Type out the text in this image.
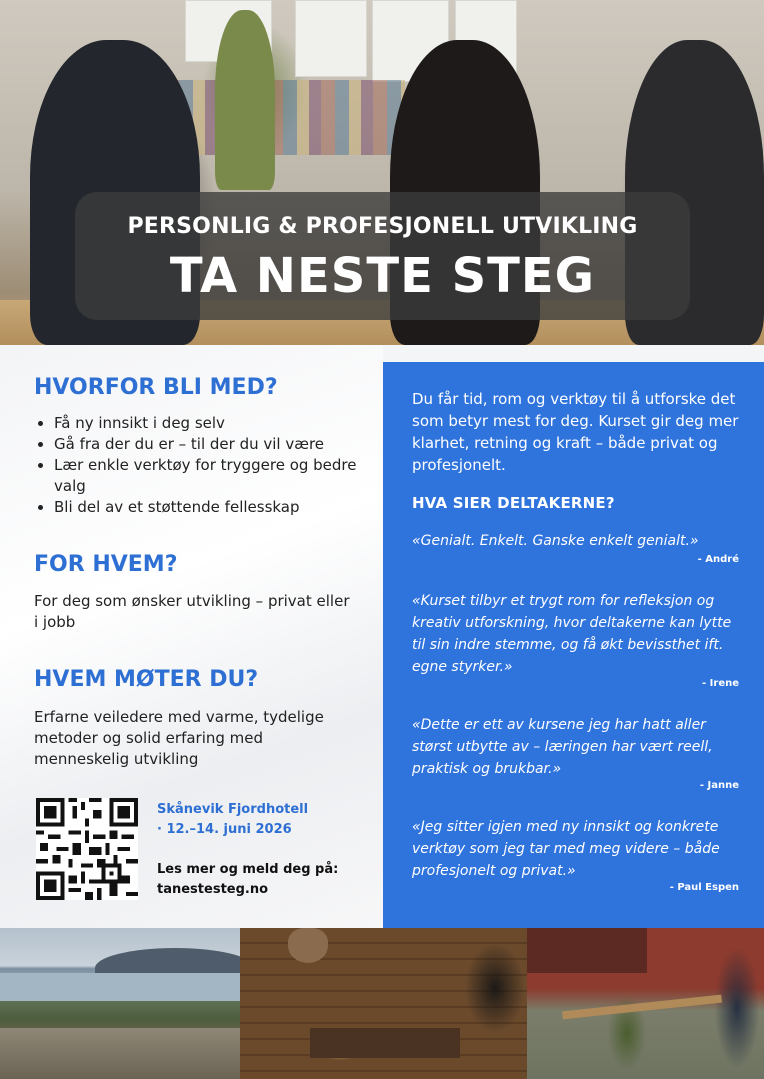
PERSONLIG & PROFESJONELL UTVIKLING
TA NESTE STEG
HVORFOR BLI MED?
• Få ny innsikt i deg selv
• Gå fra der du er – til der du vil være
• Lær enkle verktøy for tryggere og bedre valg
• Bli del av et støttende fellesskap
FOR HVEM?

For deg som ønsker utvikling – privat eller i jobb

HVEM MØTER DU?

Erfarne veiledere med varme, tydelige metoder og solid erfaring med menneskelig utvikling

Skånevik Fjordhotell
· 12.–14. juni 2026
Les mer og meld deg på:
tanestesteg.no

Du får tid, rom og verktøy til å utforske det som betyr mest for deg. Kurset gir deg mer klarhet, retning og kraft – både privat og profesjonelt.

HVA SIER DELTAKERNE?

«Genialt. Enkelt. Ganske enkelt genialt.»

- André

«Kurset tilbyr et trygt rom for refleksjon og kreativ utforskning, hvor deltakerne kan lytte til sin indre stemme, og få økt bevissthet ift. egne styrker.»

- Irene

«Dette er ett av kursene jeg har hatt aller størst utbytte av – læringen har vært reell, praktisk og brukbar.»

- Janne

«Jeg sitter igjen med ny innsikt og konkrete verktøy som jeg tar med meg videre – både profesjonelt og privat.»

- Paul Espen
